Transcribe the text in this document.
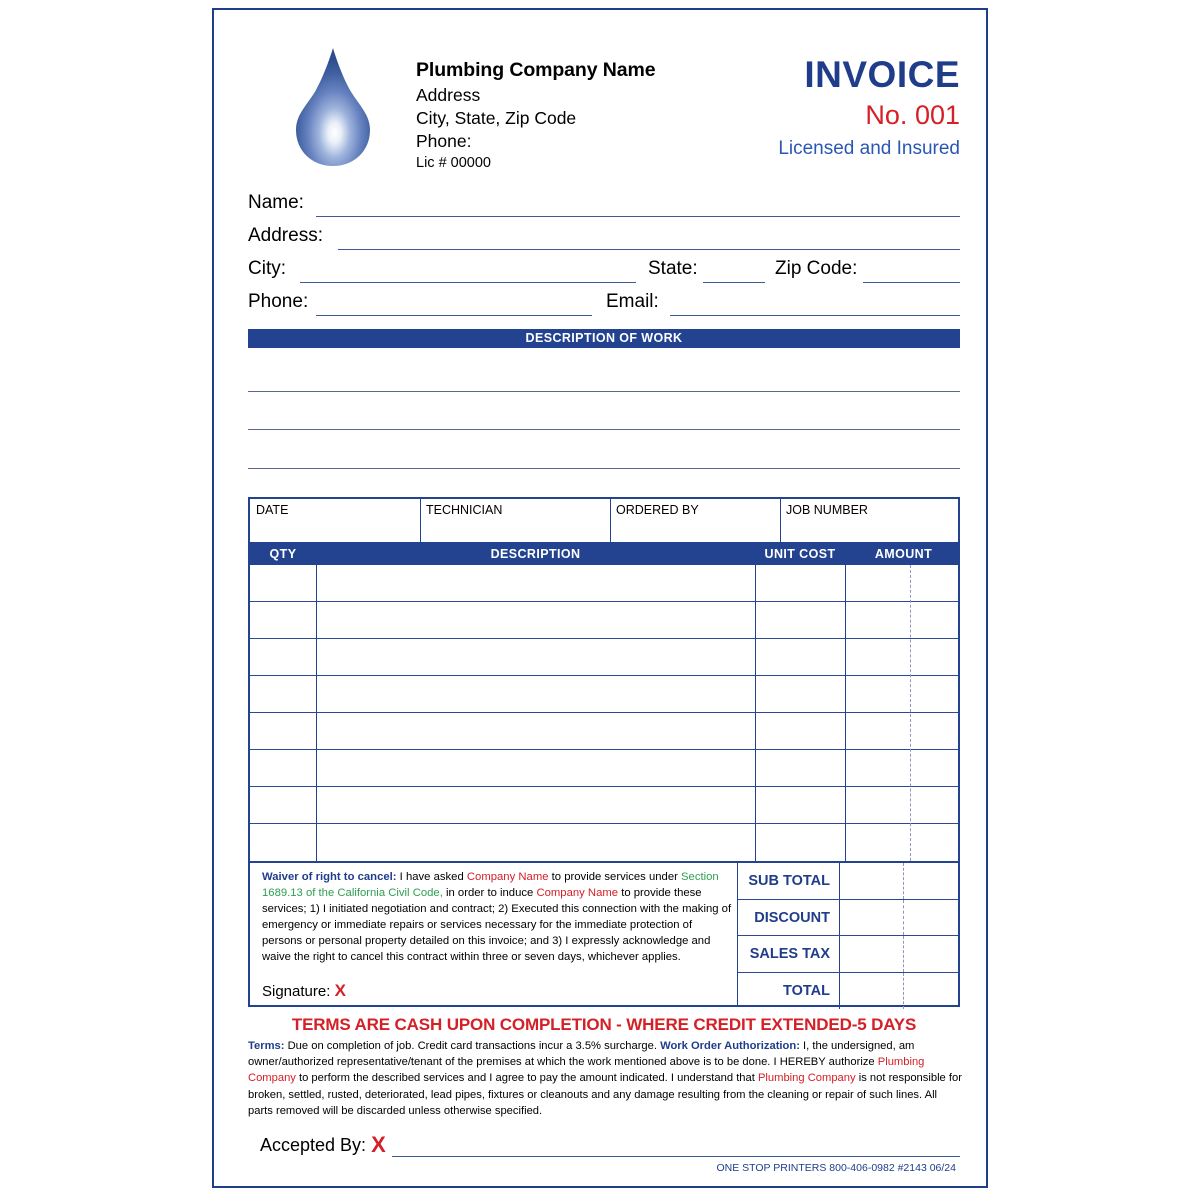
Plumbing Company Name
Address
City, State, Zip Code
Phone:
Lic # 00000
INVOICE
No. 001
Licensed and Insured
Name:
Address:
City:	State:	Zip Code:
Phone:	Email:
DESCRIPTION OF WORK
DATE	TECHNICIAN	ORDERED BY	JOB NUMBER
QTY	DESCRIPTION	UNIT COST	AMOUNT
Waiver of right to cancel: I have asked Company Name to provide services under Section 1689.13 of the California Civil Code, in order to induce Company Name to provide these services; 1) I initiated negotiation and contract; 2) Executed this connection with the making of emergency or immediate repairs or services necessary for the immediate protection of persons or personal property detailed on this invoice; and 3) I expressly acknowledge and waive the right to cancel this contract within three or seven days, whichever applies.
Signature: X
SUB TOTAL
DISCOUNT
SALES TAX
TOTAL
TERMS ARE CASH UPON COMPLETION - WHERE CREDIT EXTENDED-5 DAYS
Terms: Due on completion of job. Credit card transactions incur a 3.5% surcharge. Work Order Authorization: I, the undersigned, am owner/authorized representative/tenant of the premises at which the work mentioned above is to be done. I HEREBY authorize Plumbing Company to perform the described services and I agree to pay the amount indicated. I understand that Plumbing Company is not responsible for broken, settled, rusted, deteriorated, lead pipes, fixtures or cleanouts and any damage resulting from the cleaning or repair of such lines. All parts removed will be discarded unless otherwise specified.
Accepted By: X
ONE STOP PRINTERS 800-406-0982 #2143 06/24
